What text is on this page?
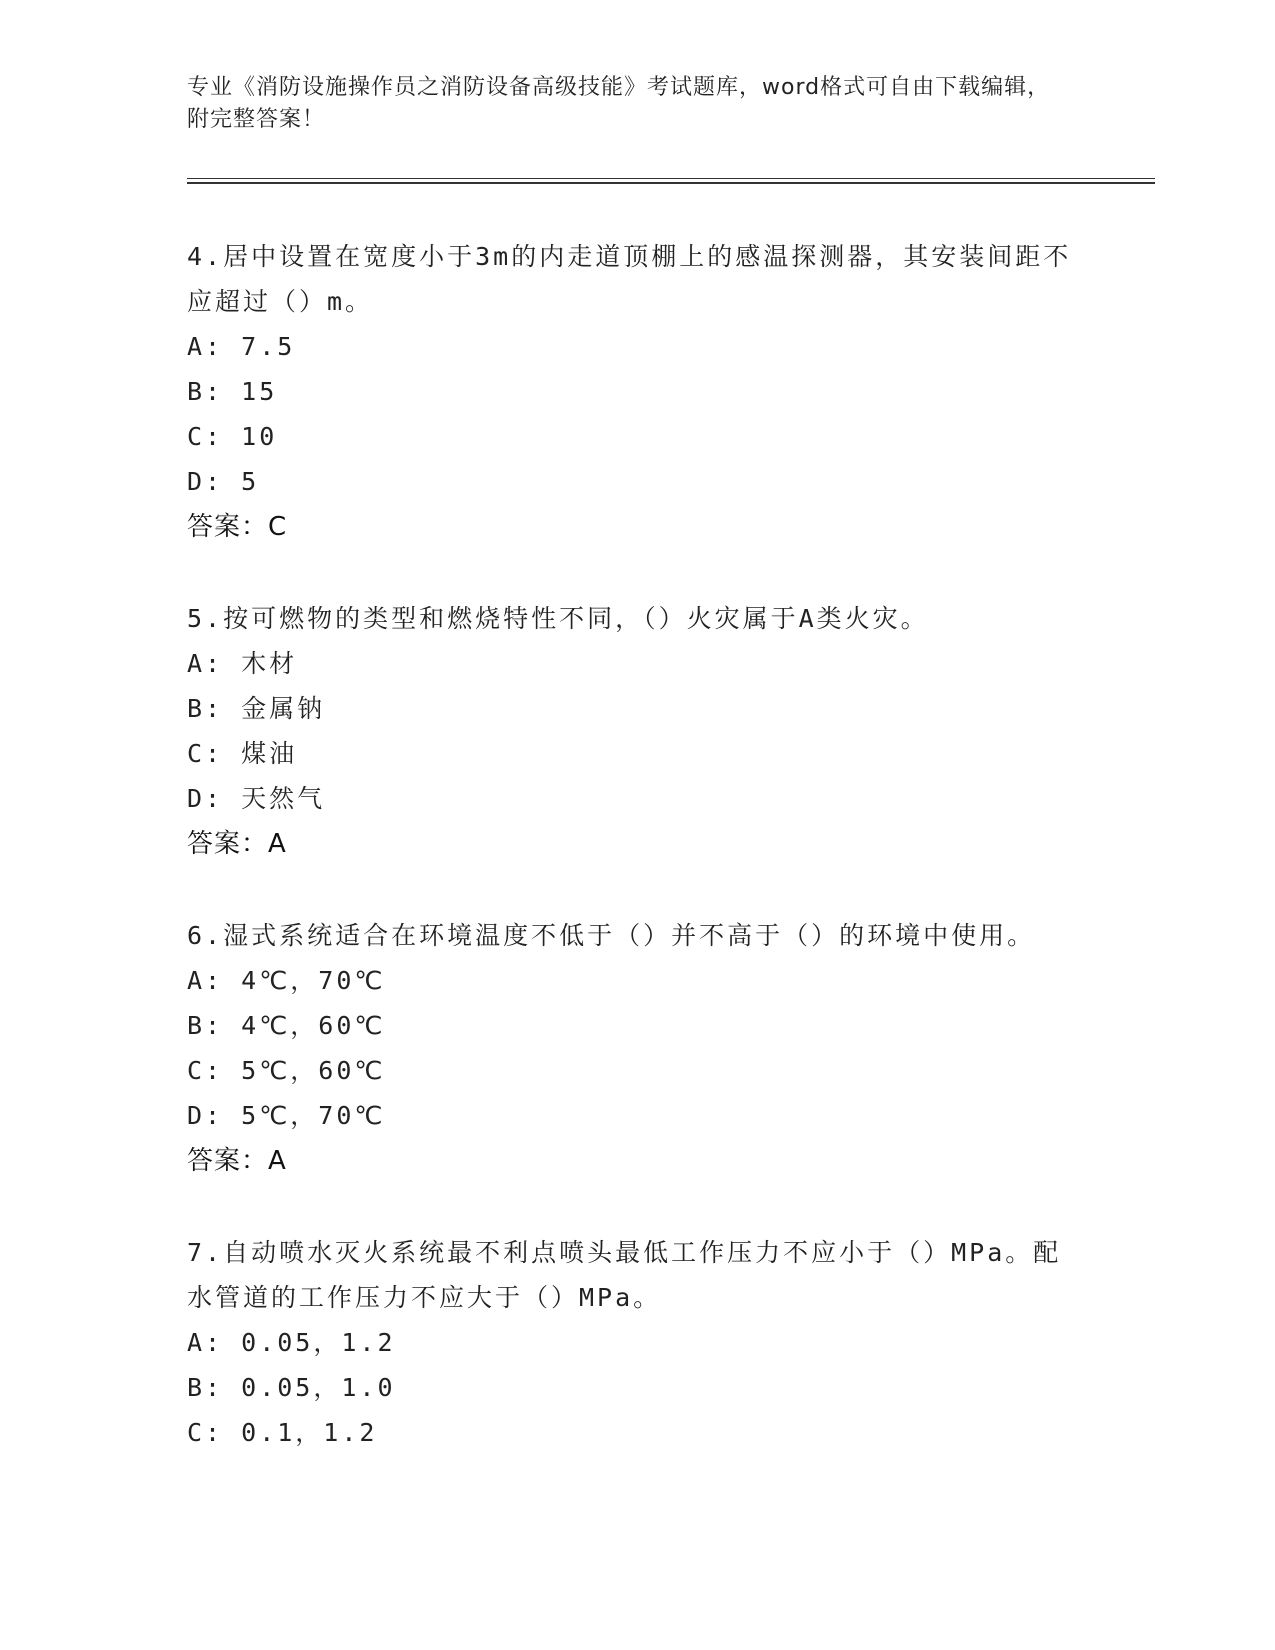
专业《消防设施操作员之消防设备高级技能》考试题库，word格式可自由下载编辑，附完整答案！
4.居中设置在宽度小于3m的内走道顶棚上的感温探测器，其安装间距不应超过（）m。
A: 7.5
B: 15
C: 10
D: 5
答案：C
5.按可燃物的类型和燃烧特性不同，（）火灾属于A类火灾。
A: 木材
B: 金属钠
C: 煤油
D: 天然气
答案：A
6.湿式系统适合在环境温度不低于（）并不高于（）的环境中使用。
A: 4℃，70℃
B: 4℃，60℃
C: 5℃，60℃
D: 5℃，70℃
答案：A
7.自动喷水灭火系统最不利点喷头最低工作压力不应小于（）MPa。配水管道的工作压力不应大于（）MPa。
A: 0.05，1.2
B: 0.05，1.0
C: 0.1，1.2
